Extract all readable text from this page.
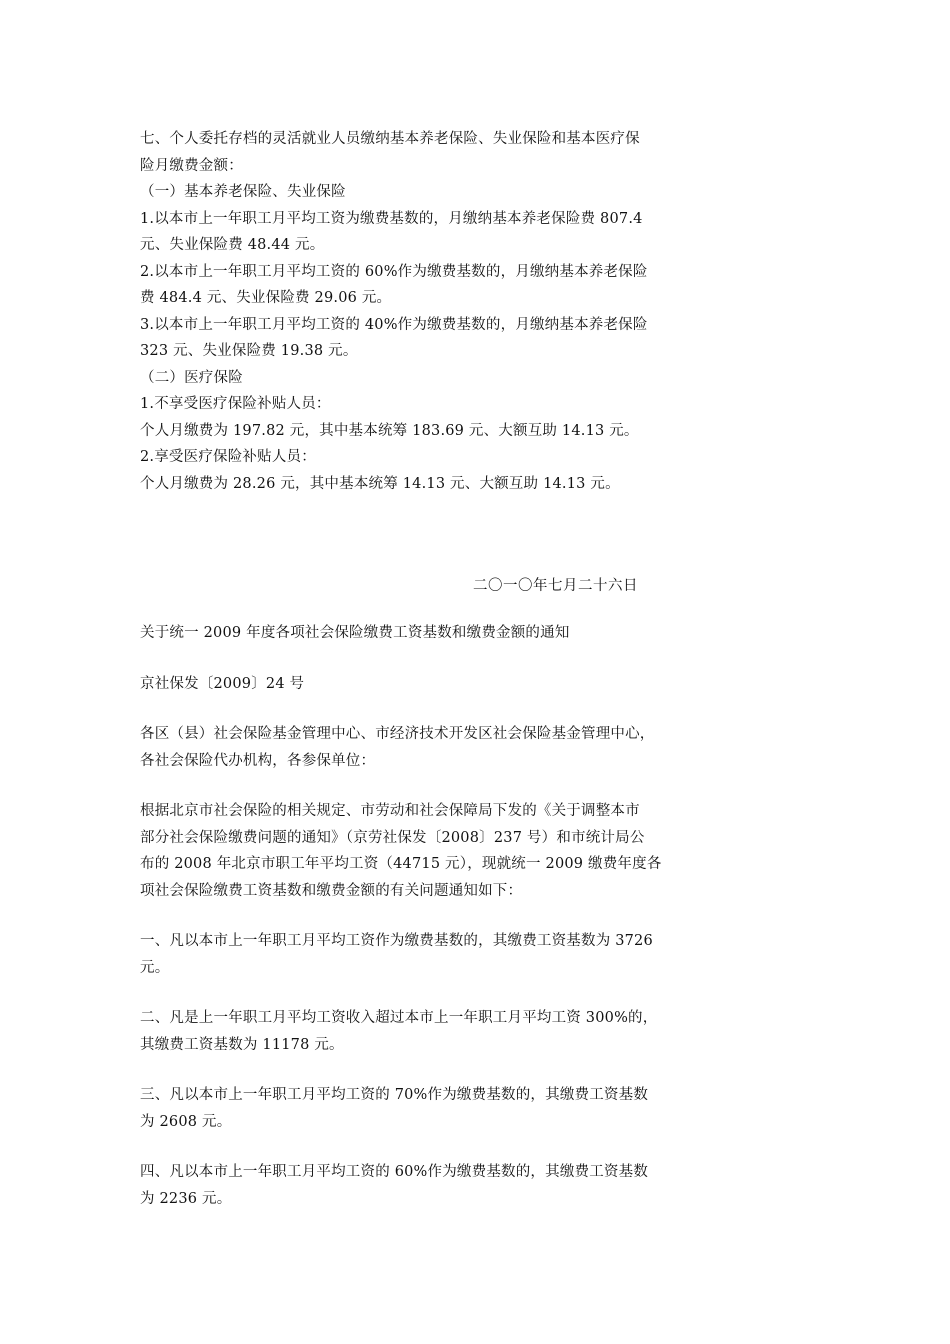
七、个人委托存档的灵活就业人员缴纳基本养老保险、失业保险和基本医疗保
险月缴费金额：
（一）基本养老保险、失业保险
1.以本市上一年职工月平均工资为缴费基数的，月缴纳基本养老保险费 807.4
元、失业保险费 48.44 元。
2.以本市上一年职工月平均工资的 60%作为缴费基数的，月缴纳基本养老保险
费 484.4 元、失业保险费 29.06 元。
3.以本市上一年职工月平均工资的 40%作为缴费基数的，月缴纳基本养老保险
323 元、失业保险费 19.38 元。
（二）医疗保险
1.不享受医疗保险补贴人员：
个人月缴费为 197.82 元，其中基本统筹 183.69 元、大额互助 14.13 元。
2.享受医疗保险补贴人员：
个人月缴费为 28.26 元，其中基本统筹 14.13 元、大额互助 14.13 元。
二〇一〇年七月二十六日
关于统一 2009 年度各项社会保险缴费工资基数和缴费金额的通知
京社保发〔2009〕24 号
各区（县）社会保险基金管理中心、市经济技术开发区社会保险基金管理中心，
各社会保险代办机构，各参保单位：
根据北京市社会保险的相关规定、市劳动和社会保障局下发的《关于调整本市
部分社会保险缴费问题的通知》（京劳社保发〔2008〕237 号）和市统计局公
布的 2008 年北京市职工年平均工资（44715 元），现就统一 2009 缴费年度各
项社会保险缴费工资基数和缴费金额的有关问题通知如下：
一、凡以本市上一年职工月平均工资作为缴费基数的，其缴费工资基数为 3726
元。
二、凡是上一年职工月平均工资收入超过本市上一年职工月平均工资 300%的，
其缴费工资基数为 11178 元。
三、凡以本市上一年职工月平均工资的 70%作为缴费基数的，其缴费工资基数
为 2608 元。
四、凡以本市上一年职工月平均工资的 60%作为缴费基数的，其缴费工资基数
为 2236 元。
